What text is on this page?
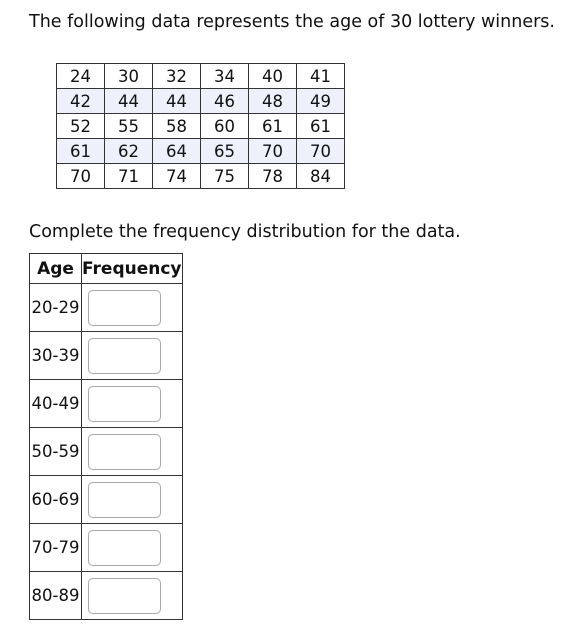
The following data represents the age of 30 lottery winners.

24	30	32	34	40	41
42	44	44	46	48	49
52	55	58	60	61	61
61	62	64	65	70	70
70	71	74	75	78	84

Complete the frequency distribution for the data.

Age	Frequency
20-29	

30-39	

40-49	

50-59	

60-69	

70-79	

80-89	
